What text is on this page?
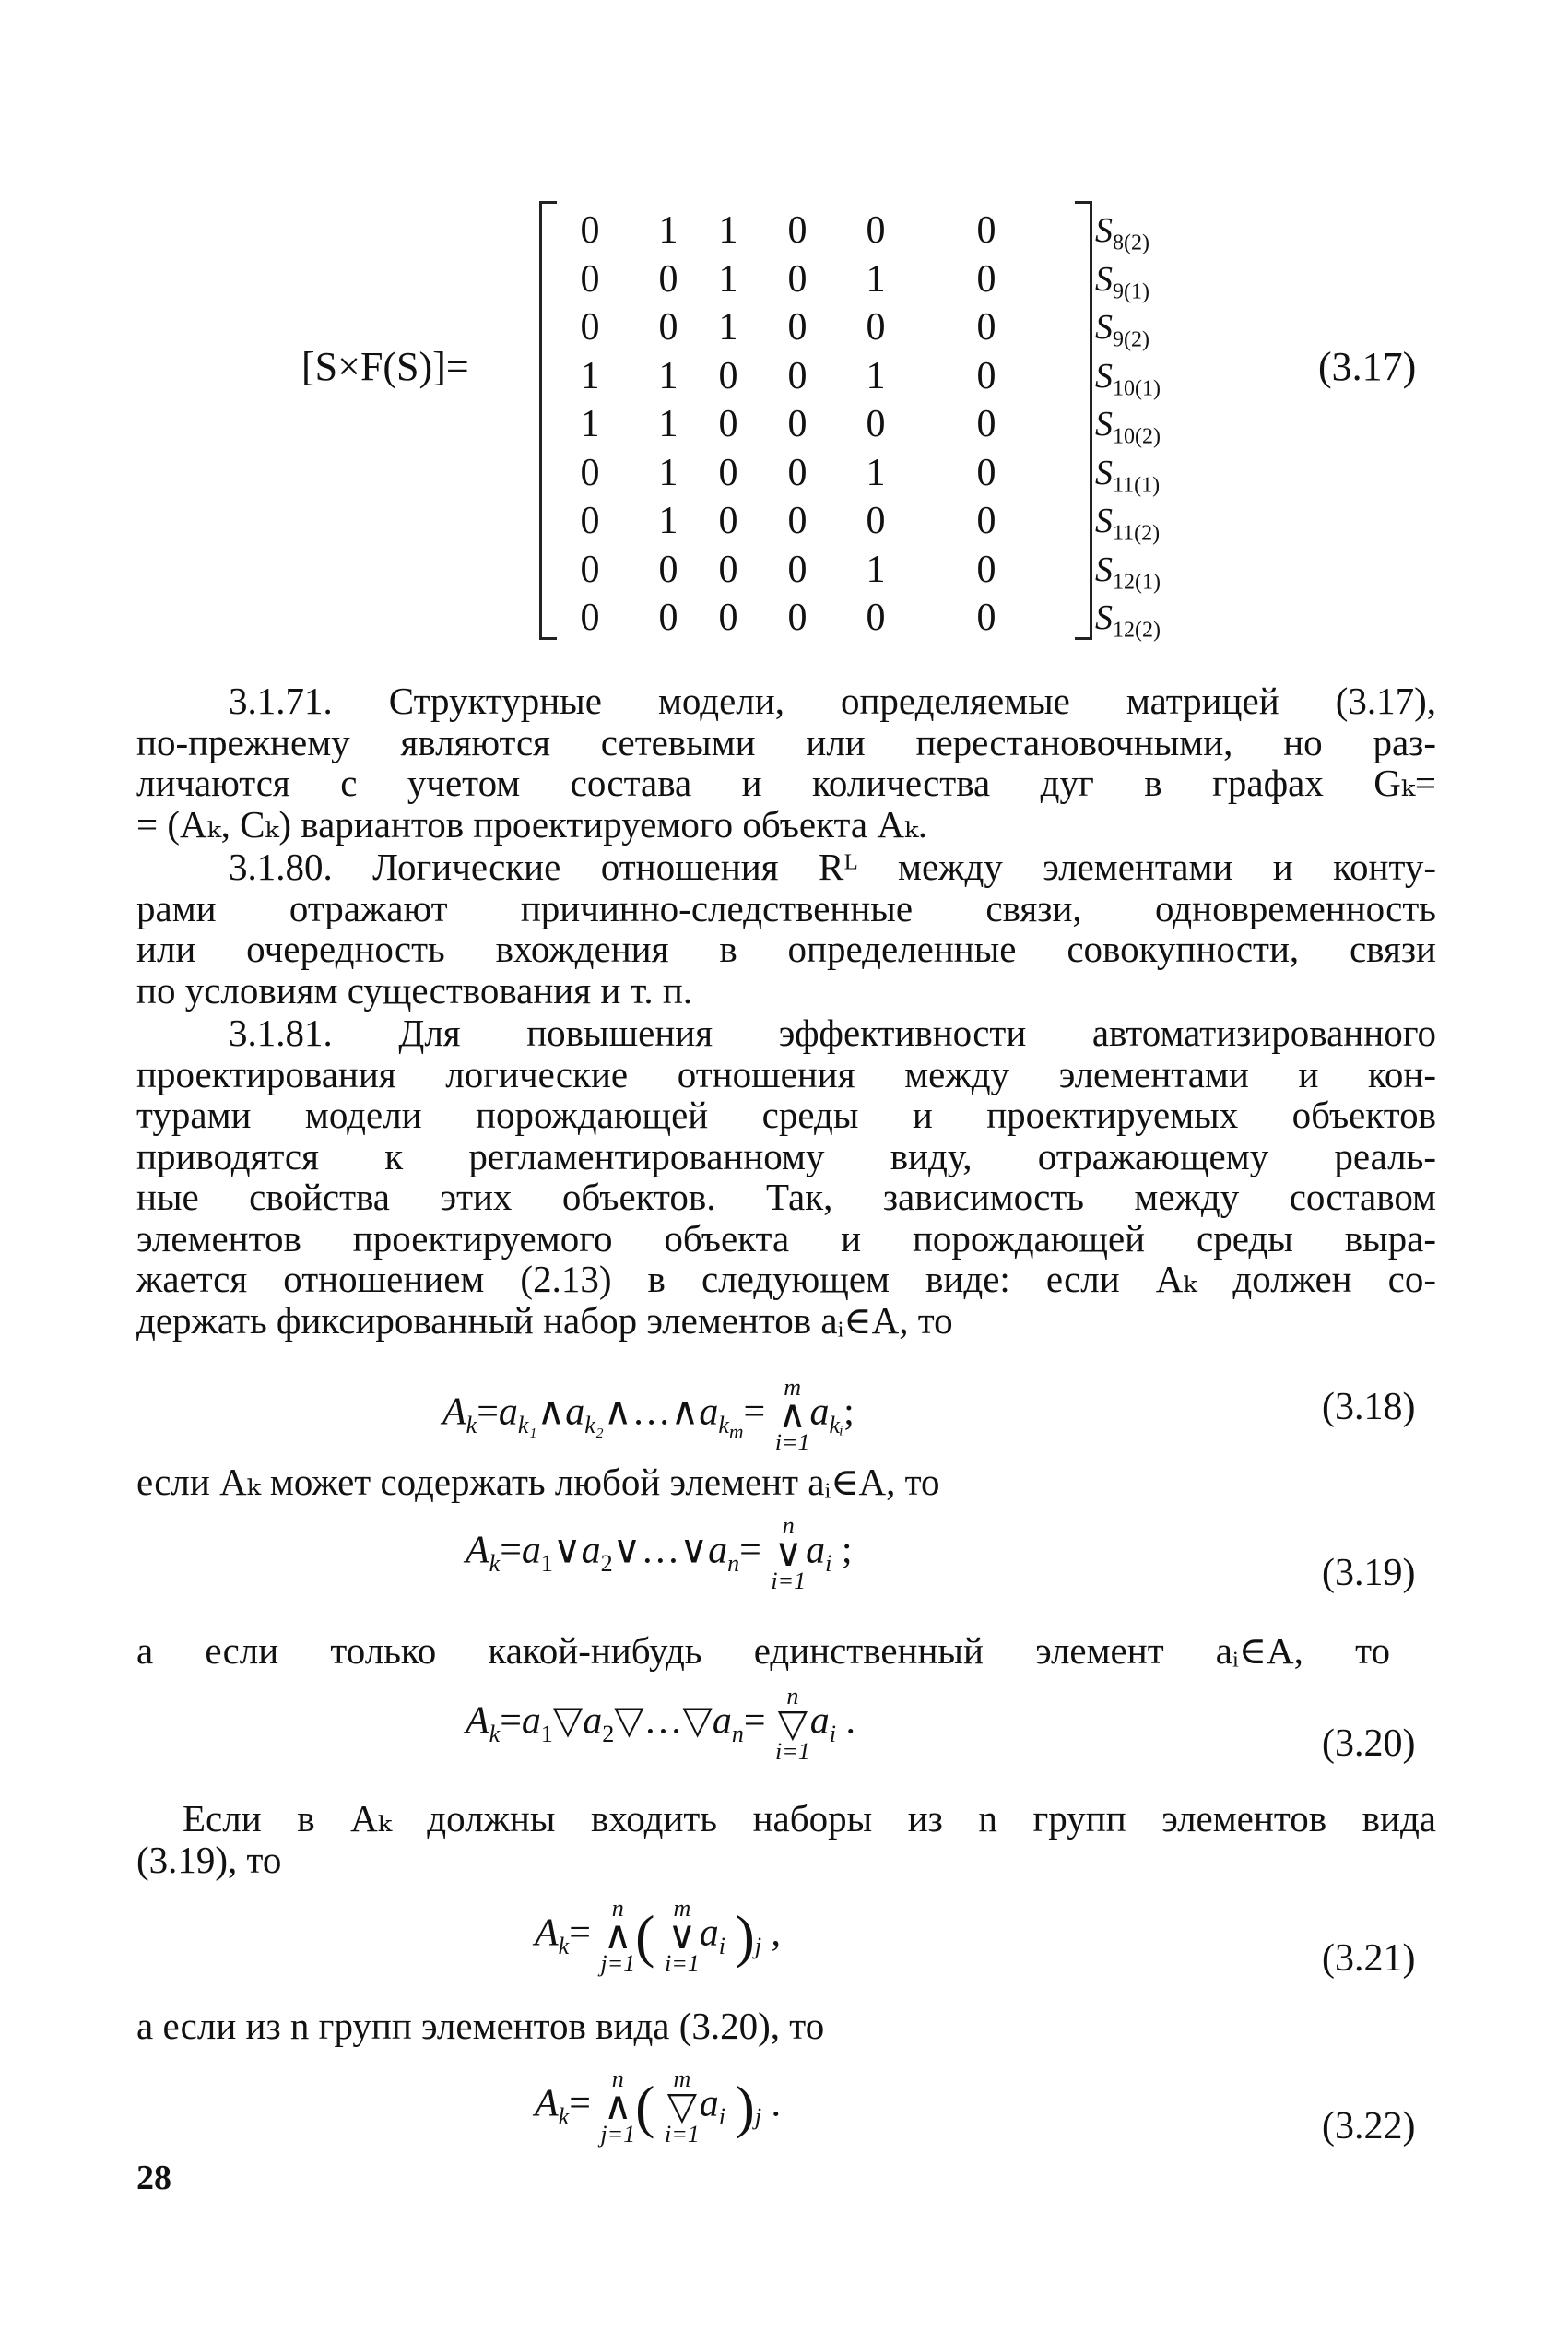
[S×F(S)]=
0 1 1 0 0 0
0 0 1 0 1 0
0 0 1 0 0 0
1 1 0 0 1 0
1 1 0 0 0 0
0 1 0 0 1 0
0 1 0 0 0 0
0 0 0 0 1 0
0 0 0 0 0 0
$S_{8(2)}$
$S_{9(1)}$
$S_{9(2)}$
$S_{10(1)}$
$S_{10(2)}$
$S_{11(1)}$
$S_{11(2)}$
$S_{12(1)}$
$S_{12(2)}$
(3.17)
3.1.71. Структурные модели, определяемые матрицей (3.17),
по-прежнему являются сетевыми или перестановочными, но раз-
личаются с учетом состава и количества дуг в графах Gₖ=
= (Aₖ, Cₖ) вариантов проектируемого объекта Aₖ.
3.1.80. Логические отношения Rᴸ между элементами и конту-
рами отражают причинно-следственные связи, одновременность
или очередность вхождения в определенные совокупности, связи
по условиям существования и т. п.
3.1.81. Для повышения эффективности автоматизированного
проектирования логические отношения между элементами и кон-
турами модели порождающей среды и проектируемых объектов
приводятся к регламентированному виду, отражающему реаль-
ные свойства этих объектов. Так, зависимость между составом
элементов проектируемого объекта и порождающей среды выра-
жается отношением (2.13) в следующем виде: если Aₖ должен со-
держать фиксированный набор элементов aᵢ∈A, то
$A_k=a_{k_1}\wedge a_{k_2}\wedge\dots\wedge a_{k_m}=$
m
∧
i=1
$a_{kᵢ}$;	(3.18)
если Aₖ может содержать любой элемент aᵢ∈A, то
$A_k=a_1\vee a_2\vee\dots\vee a_n=$
n
∨
i=1
$a_i$ ;
(3.19)
а если только какой-нибудь единственный элемент aᵢ∈A, то
$A_k=a_1▽a_2▽\dots▽a_n=$
n
▽
i=1
$a_i$ .
(3.20)
Если в Aₖ должны входить наборы из n групп элементов вида
(3.19), то
$A_k=$
n
∧
j=1 ( m
∨
i=1
$a_i$ )$_j$ ,
(3.21)
а если из n групп элементов вида (3.20), то
$A_k=$
n
∧
j=1 ( m
▽
i=1
$a_i$ )$_j$ .
(3.22)
28
